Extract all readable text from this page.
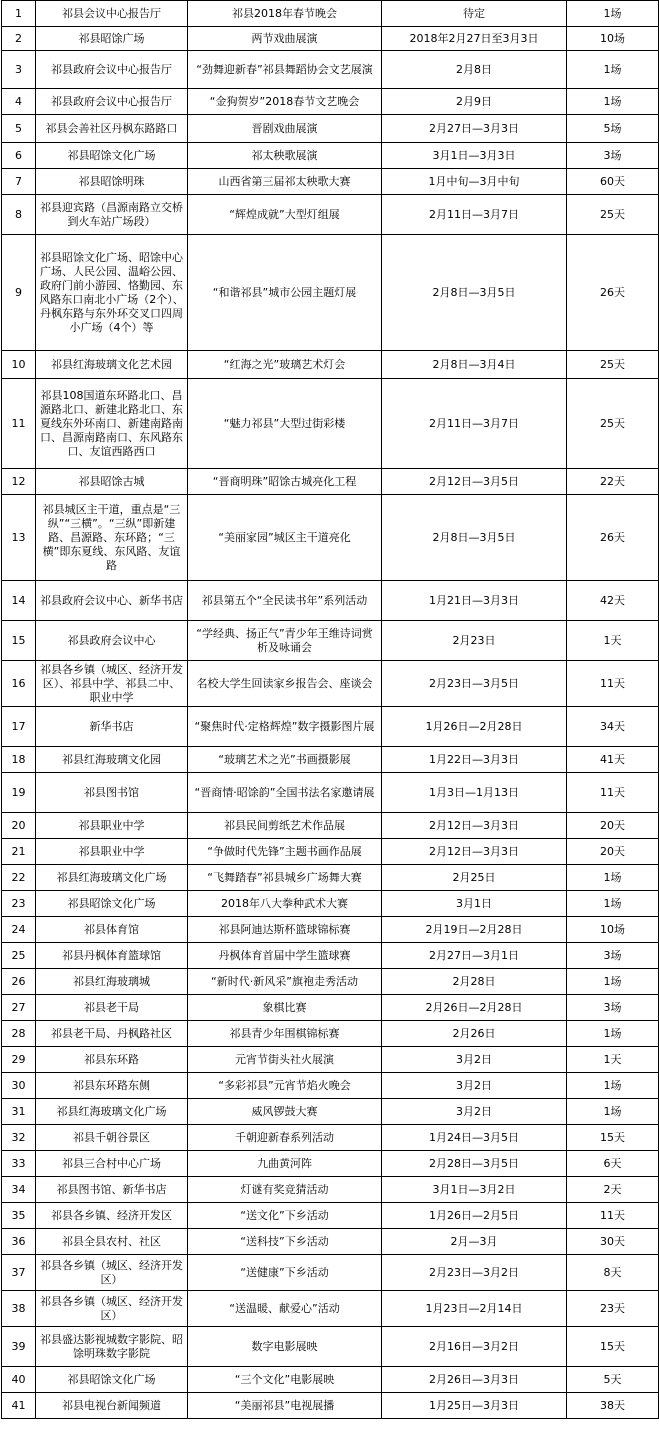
1	祁县会议中心报告厅	祁县2018年春节晚会	待定	1场
2	祁县昭馀广场	两节戏曲展演	2018年2月27日至3月3日	10场
3	祁县政府会议中心报告厅	“劲舞迎新春”祁县舞蹈协会文艺展演	2月8日	1场
4	祁县政府会议中心报告厅	“金狗贺岁”2018春节文艺晚会	2月9日	1场
5	祁县会善社区丹枫东路路口	晋剧戏曲展演	2月27日—3月3日	5场
6	祁县昭馀文化广场	祁太秧歌展演	3月1日—3月3日	3场
7	祁县昭馀明珠	山西省第三届祁太秧歌大赛	1月中旬—3月中旬	60天
8	祁县迎宾路（昌源南路立交桥到火车站广场段）	“辉煌成就”大型灯组展	2月11日—3月7日	25天
9	祁县昭馀文化广场、昭馀中心广场、人民公园、温峪公园、政府门前小游园、恪勤园、东风路东口南北小广场（2个）、丹枫东路与东外环交叉口四周小广场（4个）等	“和谐祁县”城市公园主题灯展	2月8日—3月5日	26天
10	祁县红海玻璃文化艺术园	“红海之光”玻璃艺术灯会	2月8日—3月4日	25天
11	祁县108国道东环路北口、昌源路北口、新建北路北口、东夏线东外环南口、新建南路南口、昌源南路南口、东风路东口、友谊西路西口	“魅力祁县”大型过街彩楼	2月11日—3月7日	25天
12	祁县昭馀古城	“晋商明珠”昭馀古城亮化工程	2月12日—3月5日	22天
13	祁县城区主干道，重点是“三纵”“三横”。“三纵”即新建路、昌源路、东环路；“三横”即东夏线、东风路、友谊路	“美丽家园”城区主干道亮化	2月8日—3月5日	26天
14	祁县政府会议中心、新华书店	祁县第五个“全民读书年”系列活动	1月21日—3月3日	42天
15	祁县政府会议中心	“学经典、扬正气”青少年王维诗词赏析及咏诵会	2月23日	1天
16	祁县各乡镇（城区、经济开发区）、祁县中学、祁县二中、职业中学	名校大学生回读家乡报告会、座谈会	2月23日—3月5日	11天
17	新华书店	“聚焦时代·定格辉煌”数字摄影图片展	1月26日—2月28日	34天
18	祁县红海玻璃文化园	“玻璃艺术之光”书画摄影展	1月22日—3月3日	41天
19	祁县图书馆	“晋商情·昭馀韵”全国书法名家邀请展	1月3日—1月13日	11天
20	祁县职业中学	祁县民间剪纸艺术作品展	2月12日—3月3日	20天
21	祁县职业中学	“争做时代先锋”主题书画作品展	2月12日—3月3日	20天
22	祁县红海玻璃文化广场	“飞舞踏春”祁县城乡广场舞大赛	2月25日	1场
23	祁县昭馀文化广场	2018年八大拳种武术大赛	3月1日	1场
24	祁县体育馆	祁县阿迪达斯杯篮球锦标赛	2月19日—2月28日	10场
25	祁县丹枫体育篮球馆	丹枫体育首届中学生篮球赛	2月27日—3月1日	3场
26	祁县红海玻璃城	“新时代·新风采”旗袍走秀活动	2月28日	1场
27	祁县老干局	象棋比赛	2月26日—2月28日	3场
28	祁县老干局、丹枫路社区	祁县青少年围棋锦标赛	2月26日	1场
29	祁县东环路	元宵节街头社火展演	3月2日	1天
30	祁县东环路东侧	“多彩祁县”元宵节焰火晚会	3月2日	1场
31	祁县红海玻璃文化广场	威风锣鼓大赛	3月2日	1场
32	祁县千朝谷景区	千朝迎新春系列活动	1月24日—3月5日	15天
33	祁县三合村中心广场	九曲黄河阵	2月28日—3月5日	6天
34	祁县图书馆、新华书店	灯谜有奖竞猜活动	3月1日—3月2日	2天
35	祁县各乡镇、经济开发区	“送文化”下乡活动	1月26日—2月5日	11天
36	祁县全县农村、社区	“送科技”下乡活动	2月—3月	30天
37	祁县各乡镇（城区、经济开发区）	“送健康”下乡活动	2月23日—3月2日	8天
38	祁县各乡镇（城区、经济开发区）	“送温暖、献爱心”活动	1月23日—2月14日	23天
39	祁县盛达影视城数字影院、昭馀明珠数字影院	数字电影展映	2月16日—3月2日	15天
40	祁县昭馀文化广场	“三个文化”电影展映	2月26日—3月3日	5天
41	祁县电视台新闻频道	“美丽祁县”电视展播	1月25日—3月3日	38天
